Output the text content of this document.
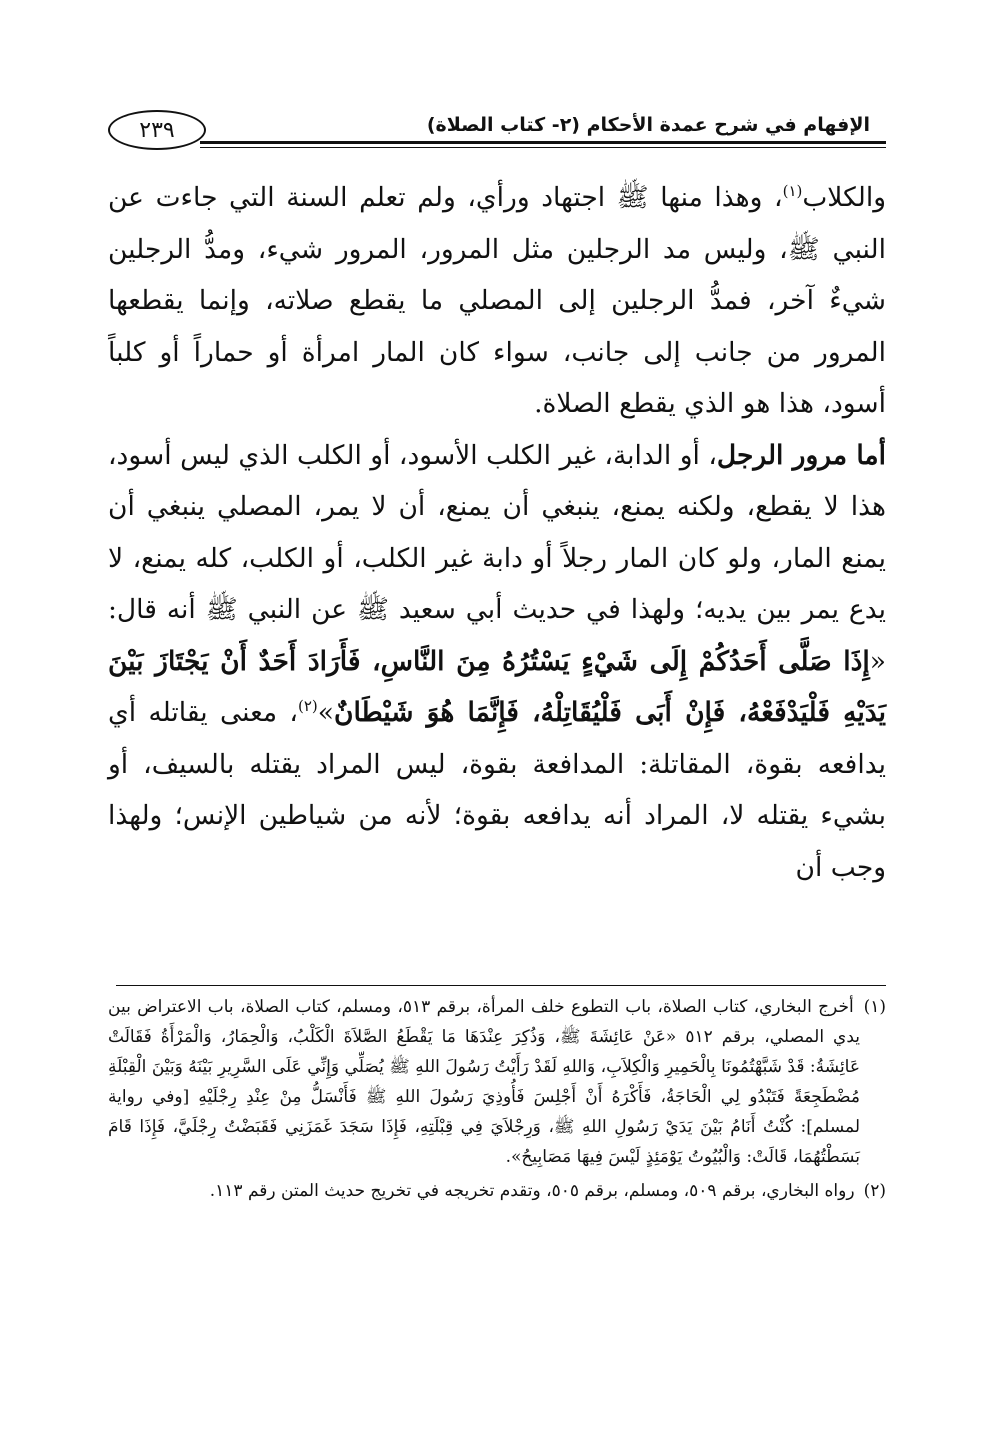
الإفهام في شرح عمدة الأحكام (٢- كتاب الصلاة)
٢٣٩

والكلاب$^{(١)}$، وهذا منها ﷺ اجتهاد ورأي، ولم تعلم السنة التي جاءت عن النبي ﷺ، وليس مد الرجلين مثل المرور، المرور شيء، ومدُّ الرجلين شيءٌ آخر، فمدُّ الرجلين إلى المصلي ما يقطع صلاته، وإنما يقطعها المرور من جانب إلى جانب، سواء كان المار امرأة أو حماراً أو كلباً أسود، هذا هو الذي يقطع الصلاة.

أما مرور الرجل، أو الدابة، غير الكلب الأسود، أو الكلب الذي ليس أسود، هذا لا يقطع، ولكنه يمنع، ينبغي أن يمنع، أن لا يمر، المصلي ينبغي أن يمنع المار، ولو كان المار رجلاً أو دابة غير الكلب، أو الكلب، كله يمنع، لا يدع يمر بين يديه؛ ولهذا في حديث أبي سعيد ﷺ عن النبي ﷺ أنه قال: «إِذَا صَلَّى أَحَدُكُمْ إِلَى شَيْءٍ يَسْتُرُهُ مِنَ النَّاسِ، فَأَرَادَ أَحَدٌ أَنْ يَجْتَازَ بَيْنَ يَدَيْهِ فَلْيَدْفَعْهُ، فَإِنْ أَبَى فَلْيُقَاتِلْهُ، فَإِنَّمَا هُوَ شَيْطَانٌ»$^{(٢)}$، معنى يقاتله أي يدافعه بقوة، المقاتلة: المدافعة بقوة، ليس المراد يقتله بالسيف، أو بشيء يقتله لا، المراد أنه يدافعه بقوة؛ لأنه من شياطين الإنس؛ ولهذا وجب أن

(١) أخرج البخاري، كتاب الصلاة، باب التطوع خلف المرأة، برقم ٥١٣، ومسلم، كتاب الصلاة، باب الاعتراض بين يدي المصلي، برقم ٥١٢ «عَنْ عَائِشَةَ ﷺ، وَذُكِرَ عِنْدَهَا مَا يَقْطَعُ الصَّلاَةَ الْكَلْبُ، وَالْحِمَارُ، وَالْمَرْأَةُ فَقَالَتْ عَائِشَةُ: قَدْ شَبَّهْتُمُونَا بِالْحَمِيرِ وَالْكِلاَبِ، وَاللهِ لَقَدْ رَأَيْتُ رَسُولَ اللهِ ﷺ يُصَلِّي وَإِنِّي عَلَى السَّرِيرِ بَيْنَهُ وَبَيْنَ الْقِبْلَةِ مُضْطَجِعَةً فَتَبْدُو لِي الْحَاجَةُ، فَأَكْرَهُ أَنْ أَجْلِسَ فَأُوذِيَ رَسُولَ اللهِ ﷺ فَأَنْسَلُّ مِنْ عِنْدِ رِجْلَيْهِ [وفي رواية لمسلم]: كُنْتُ أَنَامُ بَيْنَ يَدَيْ رَسُولِ اللهِ ﷺ، وَرِجْلاَيَ فِي قِبْلَتِهِ، فَإِذَا سَجَدَ غَمَزَنِي فَقَبَضْتُ رِجْلَيَّ، فَإِذَا قَامَ بَسَطْتُهُمَا، قَالَتْ: وَالْبُيُوتُ يَوْمَئِذٍ لَيْسَ فِيهَا مَصَابِيحُ».

(٢) رواه البخاري، برقم ٥٠٩، ومسلم، برقم ٥٠٥، وتقدم تخريجه في تخريج حديث المتن رقم ١١٣.
